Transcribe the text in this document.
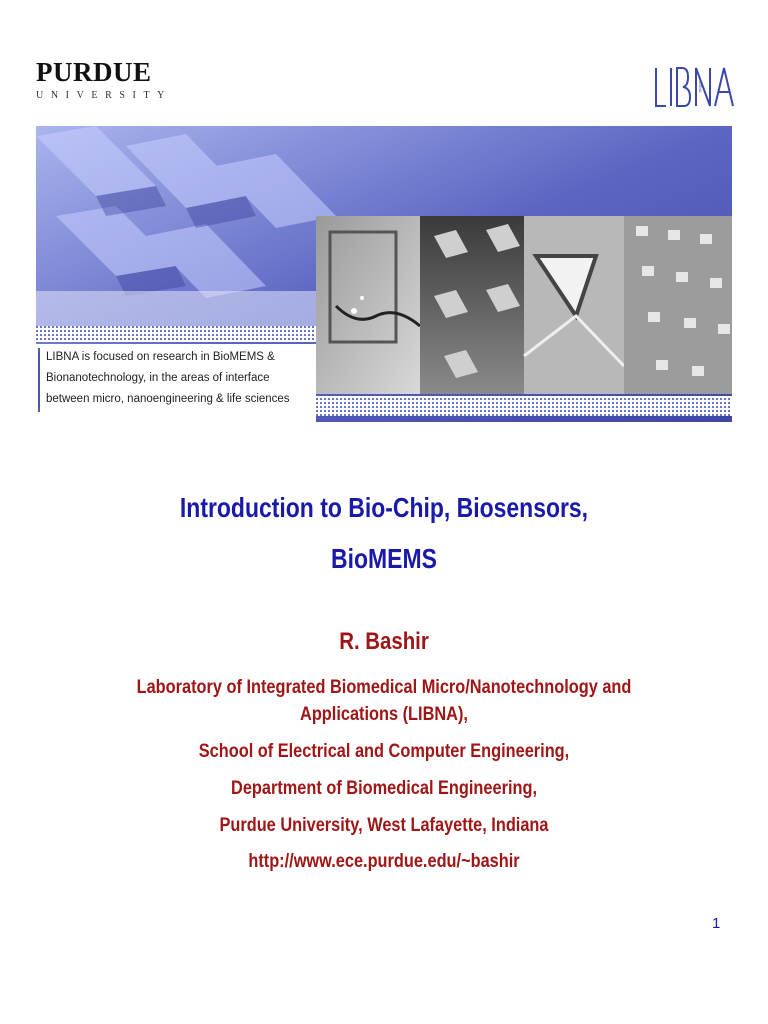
PURDUE
UNIVERSITY
LIBNA
LIBNA is focused on research in BioMEMS &
Bionanotechnology, in the areas of interface
between micro, nanoengineering & life sciences
Introduction to Bio-Chip, Biosensors,
BioMEMS
R. Bashir
Laboratory of Integrated Biomedical Micro/Nanotechnology and
Applications (LIBNA),
School of Electrical and Computer Engineering,
Department of Biomedical Engineering,
Purdue University, West Lafayette, Indiana
http://www.ece.purdue.edu/~bashir
1
